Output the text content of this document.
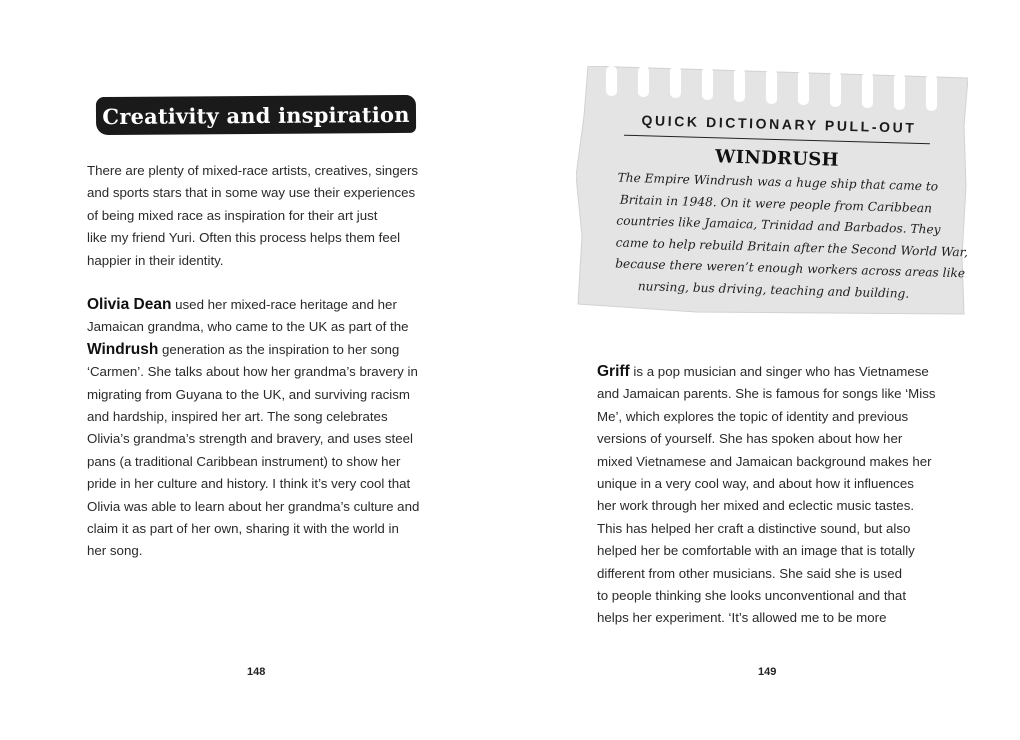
Creativity and inspiration
There are plenty of mixed-race artists, creatives, singers
and sports stars that in some way use their experiences
of being mixed race as inspiration for their art just
like my friend Yuri. Often this process helps them feel
happier in their identity.
Olivia Dean used her mixed-race heritage and her
Jamaican grandma, who came to the UK as part of the
Windrush generation as the inspiration to her song
‘Carmen’. She talks about how her grandma’s bravery in
migrating from Guyana to the UK, and surviving racism
and hardship, inspired her art. The song celebrates
Olivia’s grandma’s strength and bravery, and uses steel
pans (a traditional Caribbean instrument) to show her
pride in her culture and history. I think it’s very cool that
Olivia was able to learn about her grandma’s culture and
claim it as part of her own, sharing it with the world in
her song.
148	149
QUICK DICTIONARY PULL-OUT
WINDRUSH
The Empire Windrush was a huge ship that came to
Britain in 1948. On it were people from Caribbean
countries like Jamaica, Trinidad and Barbados. They
came to help rebuild Britain after the Second World War,
because there weren’t enough workers across areas like
nursing, bus driving, teaching and building.
Griff is a pop musician and singer who has Vietnamese
and Jamaican parents. She is famous for songs like ‘Miss
Me’, which explores the topic of identity and previous
versions of yourself. She has spoken about how her
mixed Vietnamese and Jamaican background makes her
unique in a very cool way, and about how it influences
her work through her mixed and eclectic music tastes.
This has helped her craft a distinctive sound, but also
helped her be comfortable with an image that is totally
different from other musicians. She said she is used
to people thinking she looks unconventional and that
helps her experiment. ‘It’s allowed me to be more
